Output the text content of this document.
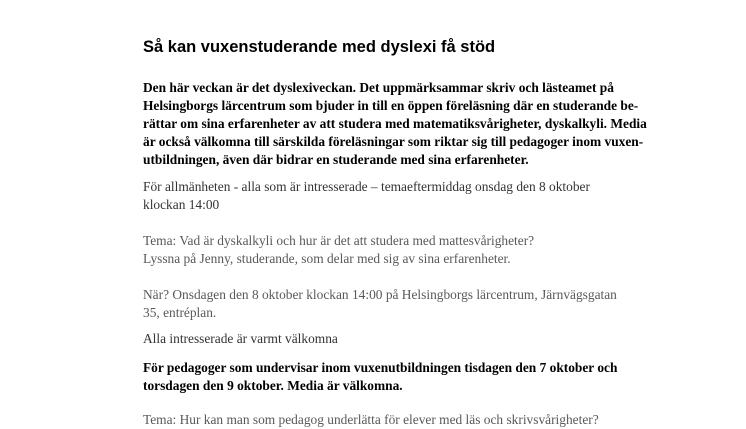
Så kan vuxenstuderande med dyslexi få stöd
Den här veckan är det dyslexiveckan. Det uppmärksammar skriv och lästeamet på
Helsingborgs lärcentrum som bjuder in till en öppen föreläsning där en studerande be-
rättar om sina erfarenheter av att studera med matematiksvårigheter, dyskalkyli. Media
är också välkomna till särskilda föreläsningar som riktar sig till pedagoger inom vuxen-
utbildningen, även där bidrar en studerande med sina erfarenheter.
För allmänheten - alla som är intresserade – temaeftermiddag onsdag den 8 oktober
klockan 14:00
Tema: Vad är dyskalkyli och hur är det att studera med mattesvårigheter?
Lyssna på Jenny, studerande, som delar med sig av sina erfarenheter.
När? Onsdagen den 8 oktober klockan 14:00 på Helsingborgs lärcentrum, Järnvägsgatan
35, entréplan.
Alla intresserade är varmt välkomna
För pedagoger som undervisar inom vuxenutbildningen tisdagen den 7 oktober och
torsdagen den 9 oktober. Media är välkomna.
Tema: Hur kan man som pedagog underlätta för elever med läs och skrivsvårigheter?
